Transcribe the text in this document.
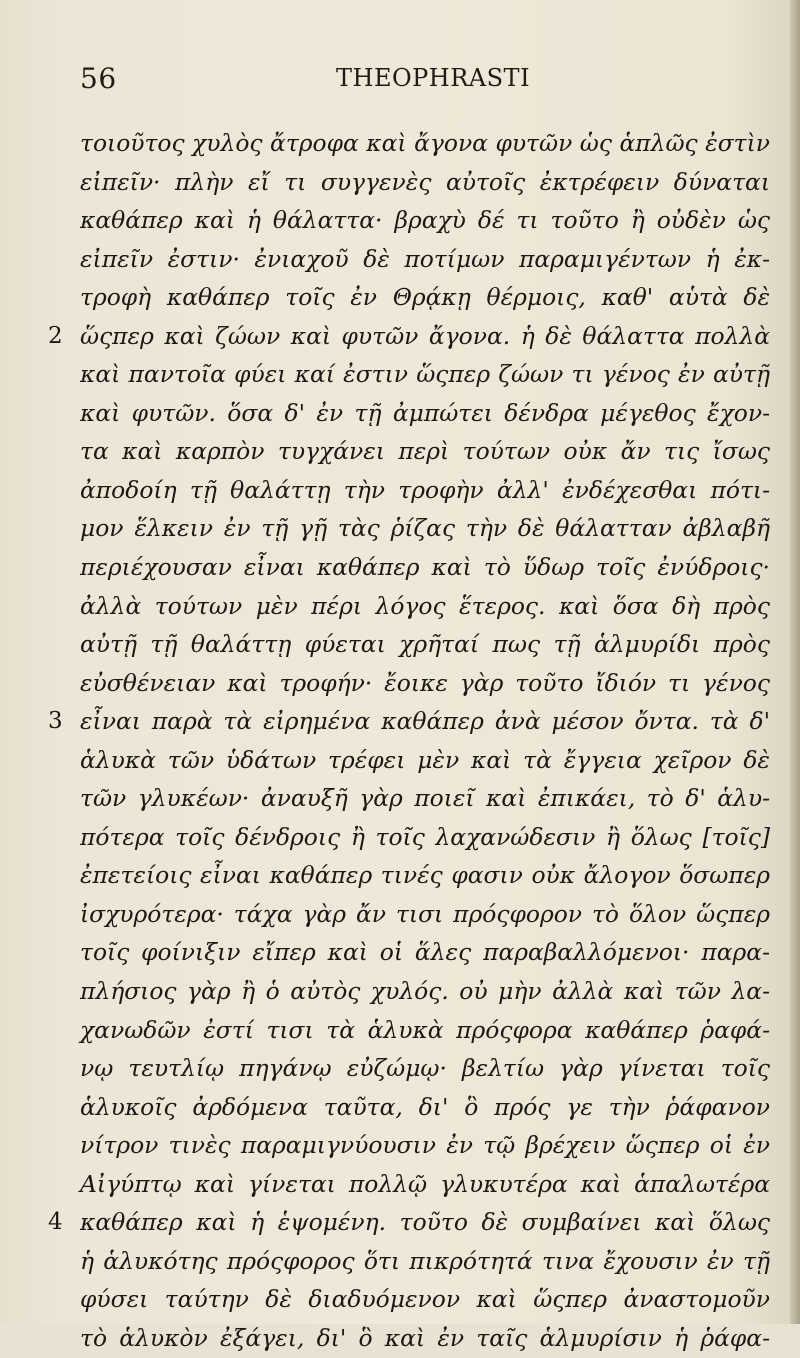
56	THEOPHRASTI
τοιοῦτος χυλὸς ἄτροφα καὶ ἄγονα φυτῶν ὡς ἁπλῶς ἐστὶν
εἰπεῖν· πλὴν εἴ τι συγγενὲς αὐτοῖς ἐκτρέφειν δύναται
καθάπερ καὶ ἡ θάλαττα· βραχὺ δέ τι τοῦτο ἢ οὐδὲν ὡς
εἰπεῖν ἐστιν· ἐνιαχοῦ δὲ ποτίμων παραμιγέντων ἡ ἐκ-
τροφὴ καθάπερ τοῖς ἐν Θρᾴκῃ θέρμοις, καθ' αὑτὰ δὲ
2 ὥςπερ καὶ ζώων καὶ φυτῶν ἄγονα. ἡ δὲ θάλαττα πολλὰ
καὶ παντοῖα φύει καί ἐστιν ὥςπερ ζώων τι γένος ἐν αὐτῇ
καὶ φυτῶν. ὅσα δ' ἐν τῇ ἀμπώτει δένδρα μέγεθος ἔχον-
τα καὶ καρπὸν τυγχάνει περὶ τούτων οὐκ ἄν τις ἴσως
ἀποδοίη τῇ θαλάττῃ τὴν τροφὴν ἀλλ' ἐνδέχεσθαι πότι-
μον ἕλκειν ἐν τῇ γῇ τὰς ῥίζας τὴν δὲ θάλατταν ἀβλαβῆ
περιέχουσαν εἶναι καθάπερ καὶ τὸ ὕδωρ τοῖς ἐνύδροις·
ἀλλὰ τούτων μὲν πέρι λόγος ἕτερος. καὶ ὅσα δὴ πρὸς
αὐτῇ τῇ θαλάττῃ φύεται χρῆταί πως τῇ ἁλμυρίδι πρὸς
εὐσθένειαν καὶ τροφήν· ἔοικε γὰρ τοῦτο ἴδιόν τι γένος
3 εἶναι παρὰ τὰ εἰρημένα καθάπερ ἀνὰ μέσον ὄντα. τὰ δ'
ἁλυκὰ τῶν ὑδάτων τρέφει μὲν καὶ τὰ ἔγγεια χεῖρον δὲ
τῶν γλυκέων· ἀναυξῆ γὰρ ποιεῖ καὶ ἐπικάει, τὸ δ' ἁλυ-
πότερα τοῖς δένδροις ἢ τοῖς λαχανώδεσιν ἢ ὅλως [τοῖς]
ἐπετείοις εἶναι καθάπερ τινές φασιν οὐκ ἄλογον ὅσωπερ
ἰσχυρότερα· τάχα γὰρ ἄν τισι πρόςφορον τὸ ὅλον ὥςπερ
τοῖς φοίνιξιν εἴπερ καὶ οἱ ἅλες παραβαλλόμενοι· παρα-
πλήσιος γὰρ ἢ ὁ αὐτὸς χυλός. οὐ μὴν ἀλλὰ καὶ τῶν λα-
χανωδῶν ἐστί τισι τὰ ἁλυκὰ πρόςφορα καθάπερ ῥαφά-
νῳ τευτλίῳ πηγάνῳ εὐζώμῳ· βελτίω γὰρ γίνεται τοῖς
ἁλυκοῖς ἀρδόμενα ταῦτα, δι' ὃ πρός γε τὴν ῥάφανον
νίτρον τινὲς παραμιγνύουσιν ἐν τῷ βρέχειν ὥςπερ οἱ ἐν
Αἰγύπτῳ καὶ γίνεται πολλῷ γλυκυτέρα καὶ ἁπαλωτέρα
4 καθάπερ καὶ ἡ ἑψομένη. τοῦτο δὲ συμβαίνει καὶ ὅλως
ἡ ἁλυκότης πρόςφορος ὅτι πικρότητά τινα ἔχουσιν ἐν τῇ
φύσει ταύτην δὲ διαδυόμενον καὶ ὥςπερ ἀναστομοῦν
τὸ ἁλυκὸν ἐξάγει, δι' ὃ καὶ ἐν ταῖς ἁλμυρίσιν ἡ ῥάφα-
